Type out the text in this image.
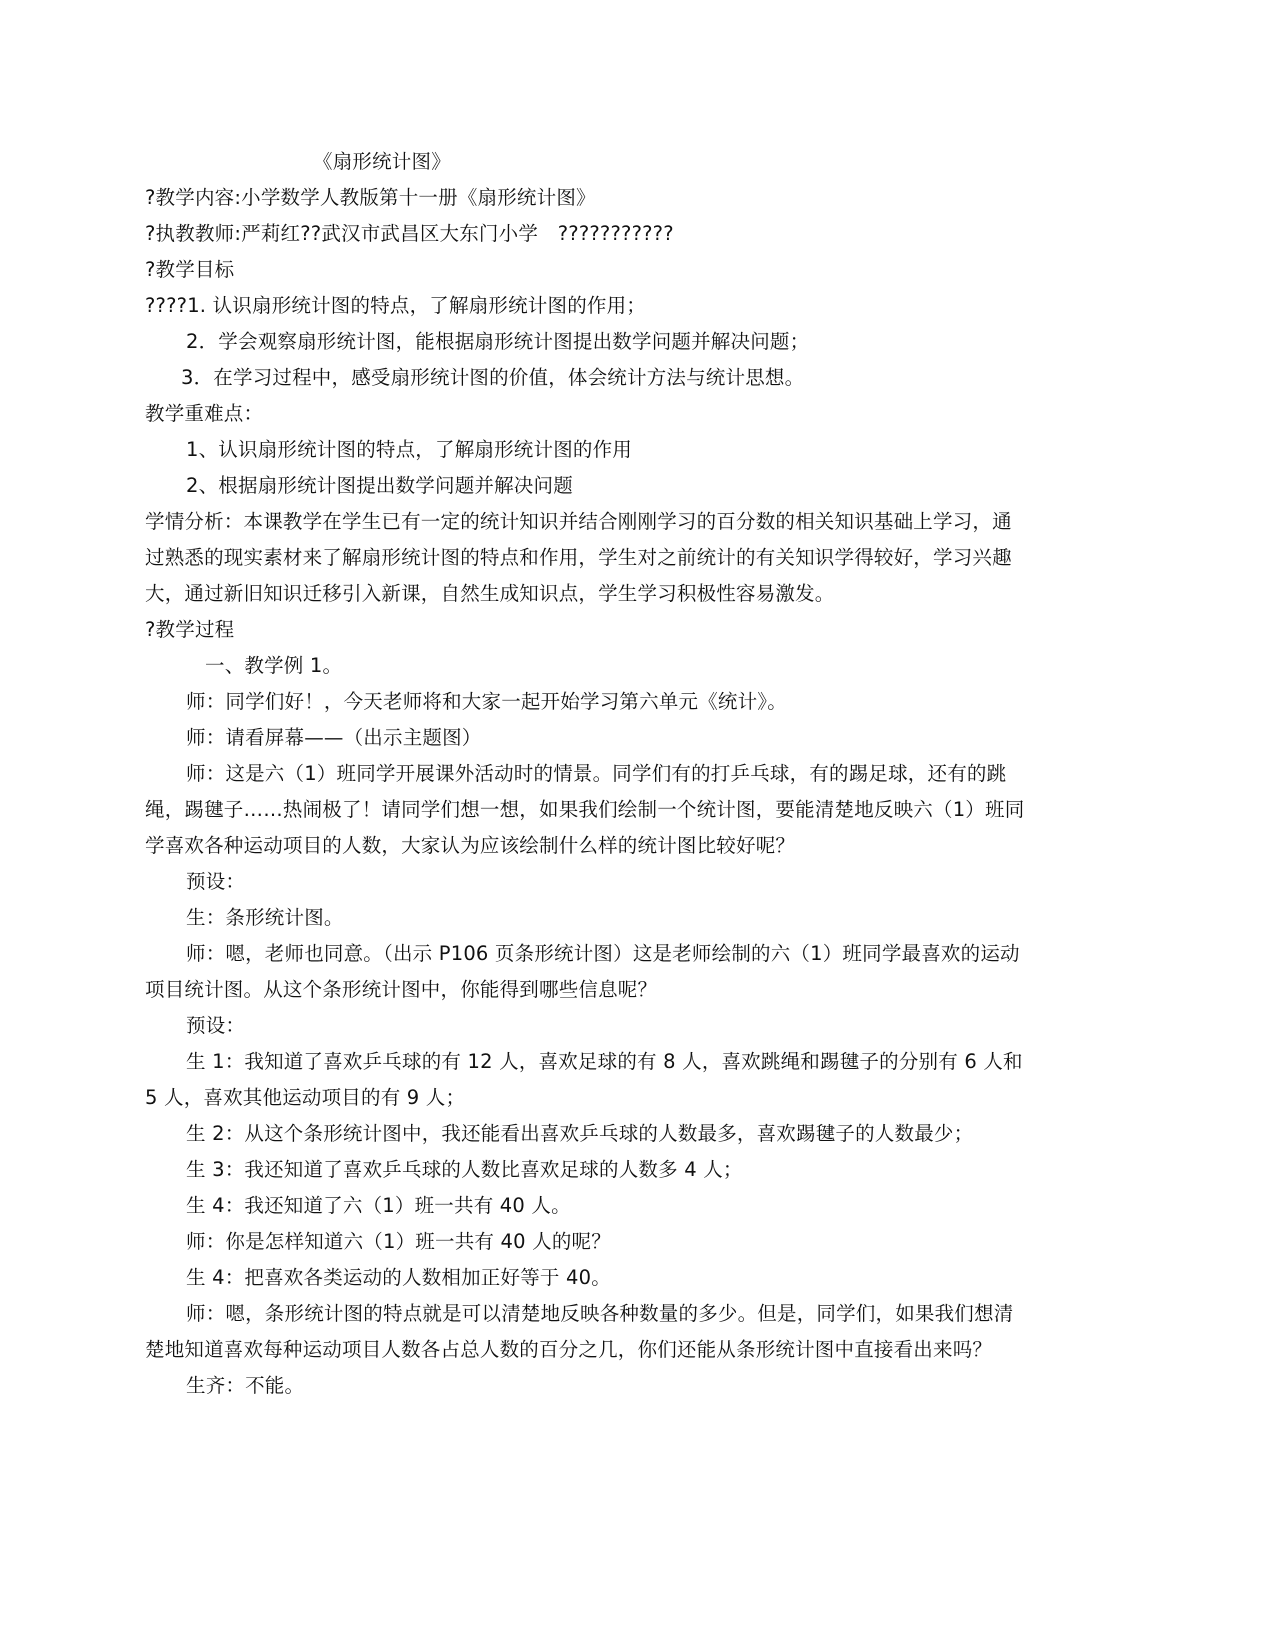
《扇形统计图》
?教学内容:小学数学人教版第十一册《扇形统计图》
?执教教师:严莉红??武汉市武昌区大东门小学　???????????
?教学目标
????1. 认识扇形统计图的特点，了解扇形统计图的作用；
2．学会观察扇形统计图，能根据扇形统计图提出数学问题并解决问题；
3．在学习过程中，感受扇形统计图的价值，体会统计方法与统计思想。
教学重难点：
1、认识扇形统计图的特点，了解扇形统计图的作用
2、根据扇形统计图提出数学问题并解决问题
学情分析：本课教学在学生已有一定的统计知识并结合刚刚学习的百分数的相关知识基础上学习，通
过熟悉的现实素材来了解扇形统计图的特点和作用，学生对之前统计的有关知识学得较好，学习兴趣
大，通过新旧知识迁移引入新课，自然生成知识点，学生学习积极性容易激发。
?教学过程
一、教学例 1。
师：同学们好！，今天老师将和大家一起开始学习第六单元《统计》。
师：请看屏幕——（出示主题图）
师：这是六（1）班同学开展课外活动时的情景。同学们有的打乒乓球，有的踢足球，还有的跳
绳，踢毽子……热闹极了！请同学们想一想，如果我们绘制一个统计图，要能清楚地反映六（1）班同
学喜欢各种运动项目的人数，大家认为应该绘制什么样的统计图比较好呢？
预设：
生：条形统计图。
师：嗯，老师也同意。（出示 P106 页条形统计图）这是老师绘制的六（1）班同学最喜欢的运动
项目统计图。从这个条形统计图中，你能得到哪些信息呢？
预设：
生 1：我知道了喜欢乒乓球的有 12 人，喜欢足球的有 8 人，喜欢跳绳和踢毽子的分别有 6 人和
5 人，喜欢其他运动项目的有 9 人；
生 2：从这个条形统计图中，我还能看出喜欢乒乓球的人数最多，喜欢踢毽子的人数最少；
生 3：我还知道了喜欢乒乓球的人数比喜欢足球的人数多 4 人；
生 4：我还知道了六（1）班一共有 40 人。
师：你是怎样知道六（1）班一共有 40 人的呢？
生 4：把喜欢各类运动的人数相加正好等于 40。
师：嗯，条形统计图的特点就是可以清楚地反映各种数量的多少。但是，同学们，如果我们想清
楚地知道喜欢每种运动项目人数各占总人数的百分之几，你们还能从条形统计图中直接看出来吗？
生齐：不能。
